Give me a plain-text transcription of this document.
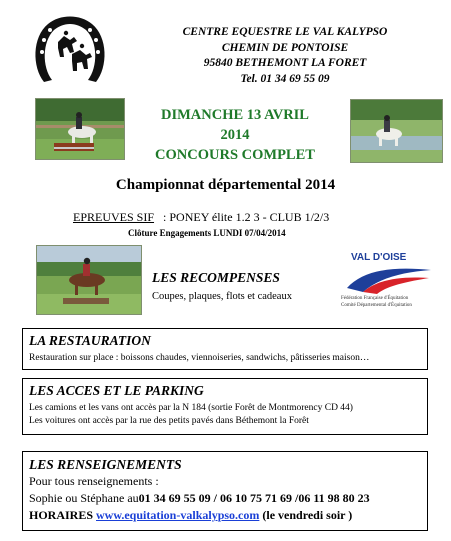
CENTRE EQUESTRE LE VAL KALYPSO
CHEMIN DE PONTOISE
95840 BETHEMONT LA FORET
Tel. 01 34 69 55 09
DIMANCHE 13 AVRIL
2014
CONCOURS COMPLET
Championnat départemental 2014
EPREUVES SIF   : PONEY élite 1.2 3 - CLUB 1/2/3
Clôture Engagements LUNDI 07/04/2014
LES RECOMPENSES
Coupes, plaques, flots et cadeaux
VAL D'OISE
Fédération Française d'Équitation
Comité Départemental d'Équitation
LA RESTAURATION
Restauration sur place : boissons chaudes, viennoiseries, sandwichs, pâtisseries maison…
LES ACCES ET LE PARKING
Les camions et les vans ont accès par la N 184 (sortie Forêt de Montmorency CD 44)
Les voitures ont accès par la rue des petits pavés dans Béthemont la Forêt
LES RENSEIGNEMENTS
Pour tous renseignements :
Sophie ou Stéphane au01 34 69 55 09 / 06 10 75 71 69 /06 11 98 80 23
HORAIRES www.equitation-valkalypso.com (le vendredi soir )
